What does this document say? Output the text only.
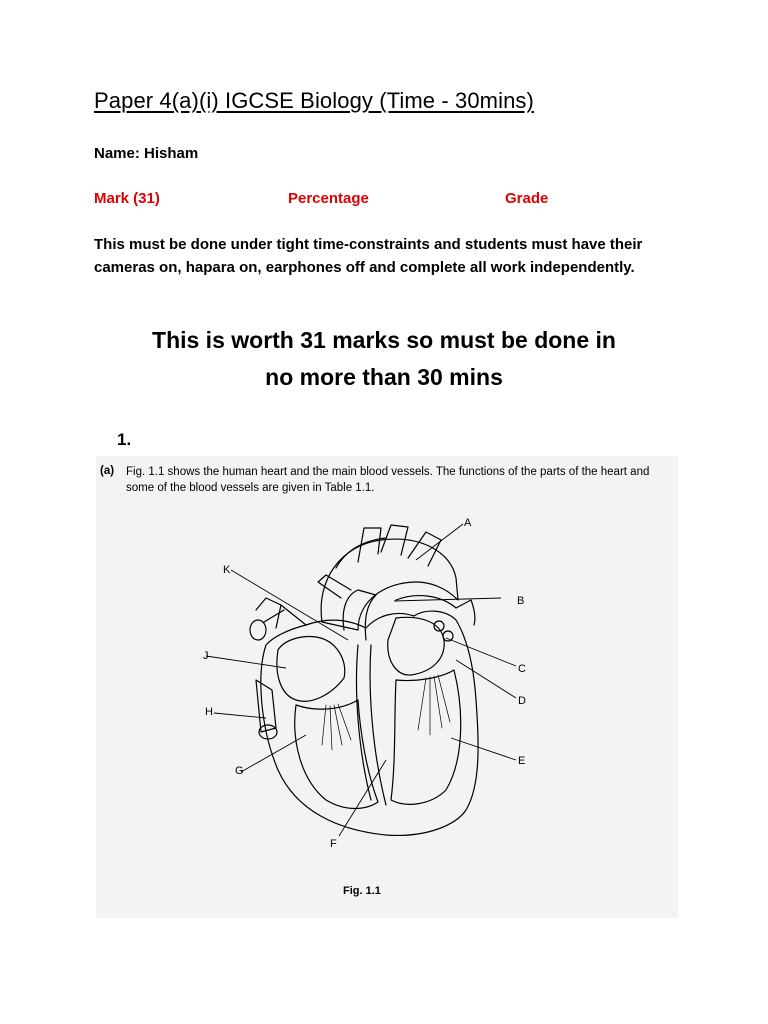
Paper 4(a)(i) IGCSE Biology (Time - 30mins)
Name: Hisham
Mark (31)	Percentage	Grade
This must be done under tight time-constraints and students must have their cameras on, hapara on, earphones off and complete all work independently.
This is worth 31 marks so must be done in
no more than 30 mins
1.
(a) Fig. 1.1 shows the human heart and the main blood vessels. The functions of the parts of the heart and some of the blood vessels are given in Table 1.1.
A
B
C
D
E
F
G
H
J
K
Fig. 1.1
